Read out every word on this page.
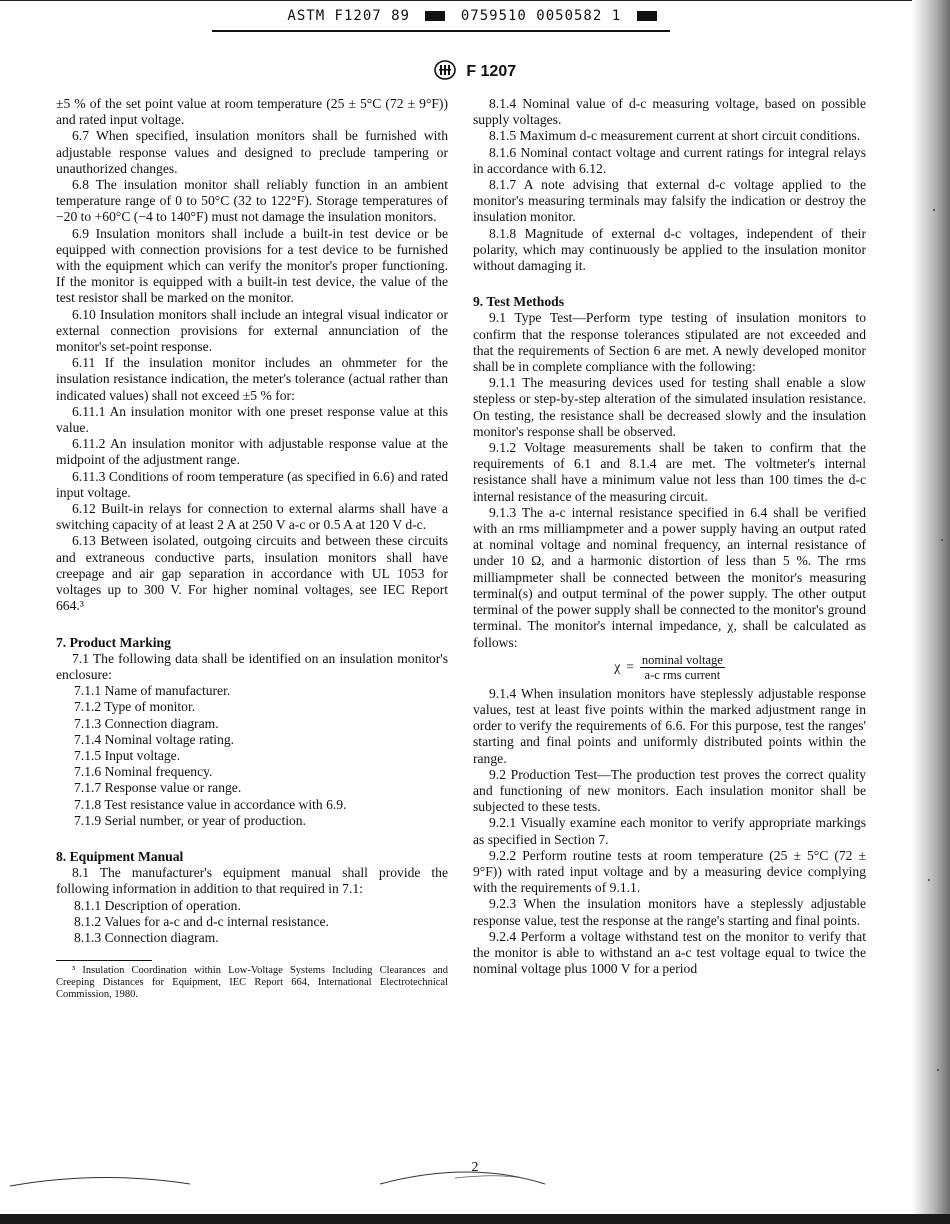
ASTM F1207 89	0759510 0050582 1
F 1207

±5 % of the set point value at room temperature (25 ± 5°C (72 ± 9°F)) and rated input voltage.

6.7 When specified, insulation monitors shall be furnished with adjustable response values and designed to preclude tampering or unauthorized changes.

6.8 The insulation monitor shall reliably function in an ambient temperature range of 0 to 50°C (32 to 122°F). Storage temperatures of −20 to +60°C (−4 to 140°F) must not damage the insulation monitors.

6.9 Insulation monitors shall include a built-in test device or be equipped with connection provisions for a test device to be furnished with the equipment which can verify the monitor's proper functioning. If the monitor is equipped with a built-in test device, the value of the test resistor shall be marked on the monitor.

6.10 Insulation monitors shall include an integral visual indicator or external connection provisions for external annunciation of the monitor's set-point response.

6.11 If the insulation monitor includes an ohmmeter for the insulation resistance indication, the meter's tolerance (actual rather than indicated values) shall not exceed ±5 % for:

6.11.1 An insulation monitor with one preset response value at this value.

6.11.2 An insulation monitor with adjustable response value at the midpoint of the adjustment range.

6.11.3 Conditions of room temperature (as specified in 6.6) and rated input voltage.

6.12 Built-in relays for connection to external alarms shall have a switching capacity of at least 2 A at 250 V a-c or 0.5 A at 120 V d-c.

6.13 Between isolated, outgoing circuits and between these circuits and extraneous conductive parts, insulation monitors shall have creepage and air gap separation in accordance with UL 1053 for voltages up to 300 V. For higher nominal voltages, see IEC Report 664.³

7. Product Marking

7.1 The following data shall be identified on an insulation monitor's enclosure:

7.1.1 Name of manufacturer.

7.1.2 Type of monitor.

7.1.3 Connection diagram.

7.1.4 Nominal voltage rating.

7.1.5 Input voltage.

7.1.6 Nominal frequency.

7.1.7 Response value or range.

7.1.8 Test resistance value in accordance with 6.9.

7.1.9 Serial number, or year of production.

8. Equipment Manual

8.1 The manufacturer's equipment manual shall provide the following information in addition to that required in 7.1:

8.1.1 Description of operation.

8.1.2 Values for a-c and d-c internal resistance.

8.1.3 Connection diagram.

³ Insulation Coordination within Low-Voltage Systems Including Clearances and Creeping Distances for Equipment, IEC Report 664, International Electrotechnical Commission, 1980.

8.1.4 Nominal value of d-c measuring voltage, based on possible supply voltages.

8.1.5 Maximum d-c measurement current at short circuit conditions.

8.1.6 Nominal contact voltage and current ratings for integral relays in accordance with 6.12.

8.1.7 A note advising that external d-c voltage applied to the monitor's measuring terminals may falsify the indication or destroy the insulation monitor.

8.1.8 Magnitude of external d-c voltages, independent of their polarity, which may continuously be applied to the insulation monitor without damaging it.

9. Test Methods

9.1 Type Test—Perform type testing of insulation monitors to confirm that the response tolerances stipulated are not exceeded and that the requirements of Section 6 are met. A newly developed monitor shall be in complete compliance with the following:

9.1.1 The measuring devices used for testing shall enable a slow stepless or step-by-step alteration of the simulated insulation resistance. On testing, the resistance shall be decreased slowly and the insulation monitor's response shall be observed.

9.1.2 Voltage measurements shall be taken to confirm that the requirements of 6.1 and 8.1.4 are met. The voltmeter's internal resistance shall have a minimum value not less than 100 times the d-c internal resistance of the measuring circuit.

9.1.3 The a-c internal resistance specified in 6.4 shall be verified with an rms milliampmeter and a power supply having an output rated at nominal voltage and nominal frequency, an internal resistance of under 10 Ω, and a harmonic distortion of less than 5 %. The rms milliampmeter shall be connected between the monitor's measuring terminal(s) and output terminal of the power supply. The other output terminal of the power supply shall be connected to the monitor's ground terminal. The monitor's internal impedance, χ, shall be calculated as follows:

$\chi = \frac{\text{nominal voltage}}{\text{a-c rms current}}$

9.1.4 When insulation monitors have steplessly adjustable response values, test at least five points within the marked adjustment range in order to verify the requirements of 6.6. For this purpose, test the ranges' starting and final points and uniformly distributed points within the range.

9.2 Production Test—The production test proves the correct quality and functioning of new monitors. Each insulation monitor shall be subjected to these tests.

9.2.1 Visually examine each monitor to verify appropriate markings as specified in Section 7.

9.2.2 Perform routine tests at room temperature (25 ± 5°C (72 ± 9°F)) with rated input voltage and by a measuring device complying with the requirements of 9.1.1.

9.2.3 When the insulation monitors have a steplessly adjustable response value, test the response at the range's starting and final points.

9.2.4 Perform a voltage withstand test on the monitor to verify that the monitor is able to withstand an a-c test voltage equal to twice the nominal voltage plus 1000 V for a period

2
